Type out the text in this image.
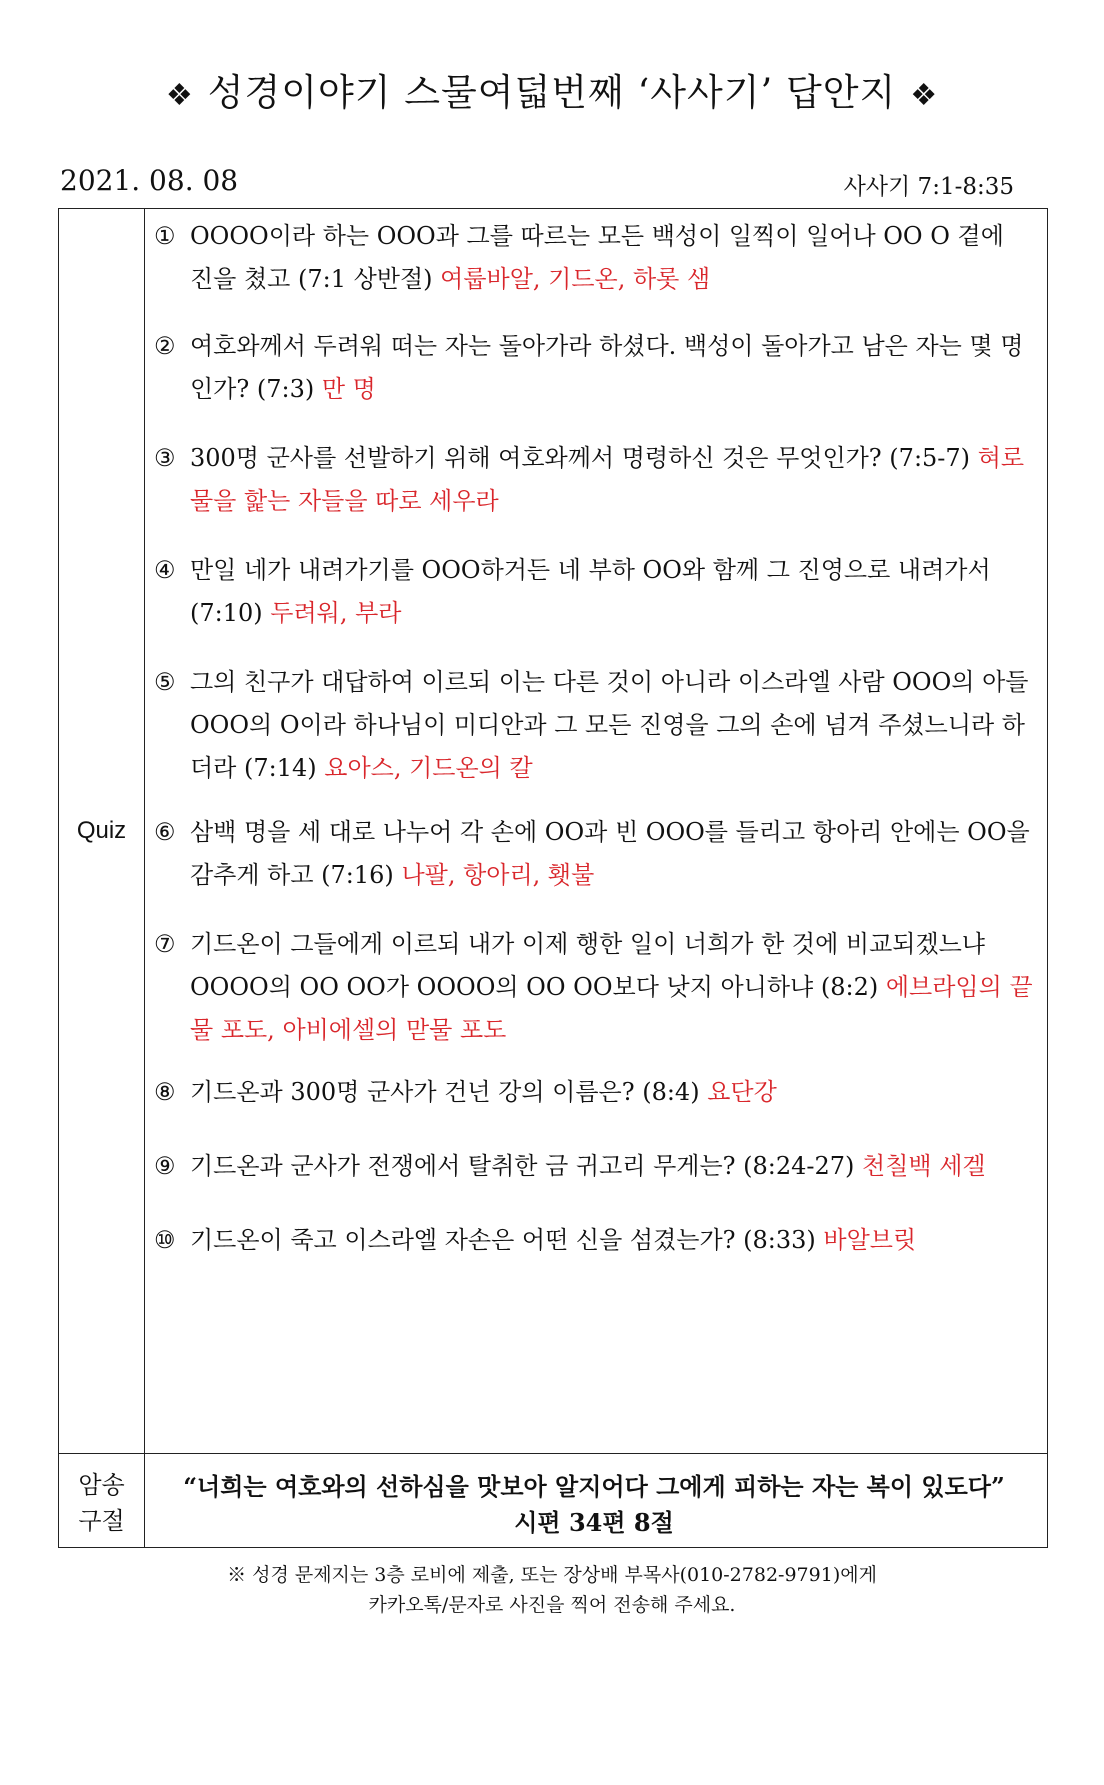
❖ 성경이야기 스물여덟번째 ‘사사기’ 답안지 ❖
2021. 08. 08	사사기 7:1-8:35
Quiz
암송
구절
① OOOO이라 하는 OOO과 그를 따르는 모든 백성이 일찍이 일어나 OO O 곁에 진을 쳤고 (7:1 상반절) 여룹바알, 기드온, 하롯 샘
② 여호와께서 두려워 떠는 자는 돌아가라 하셨다. 백성이 돌아가고 남은 자는 몇 명인가? (7:3) 만 명
③ 300명 군사를 선발하기 위해 여호와께서 명령하신 것은 무엇인가? (7:5-7) 혀로 물을 핥는 자들을 따로 세우라
④ 만일 네가 내려가기를 OOO하거든 네 부하 OO와 함께 그 진영으로 내려가서 (7:10) 두려워, 부라
⑤ 그의 친구가 대답하여 이르되 이는 다른 것이 아니라 이스라엘 사람 OOO의 아들 OOO의 O이라 하나님이 미디안과 그 모든 진영을 그의 손에 넘겨 주셨느니라 하더라 (7:14) 요아스, 기드온의 칼
⑥ 삼백 명을 세 대로 나누어 각 손에 OO과 빈 OOO를 들리고 항아리 안에는 OO을 감추게 하고 (7:16) 나팔, 항아리, 횃불
⑦ 기드온이 그들에게 이르되 내가 이제 행한 일이 너희가 한 것에 비교되겠느냐 OOOO의 OO OO가 OOOO의 OO OO보다 낫지 아니하냐 (8:2) 에브라임의 끝물 포도, 아비에셀의 맏물 포도
⑧ 기드온과 300명 군사가 건넌 강의 이름은? (8:4) 요단강
⑨ 기드온과 군사가 전쟁에서 탈취한 금 귀고리 무게는? (8:24-27) 천칠백 세겔
⑩ 기드온이 죽고 이스라엘 자손은 어떤 신을 섬겼는가? (8:33) 바알브릿
“너희는 여호와의 선하심을 맛보아 알지어다 그에게 피하는 자는 복이 있도다”
시편 34편 8절
※ 성경 문제지는 3층 로비에 제출, 또는 장상배 부목사(010-2782-9791)에게
카카오톡/문자로 사진을 찍어 전송해 주세요.
